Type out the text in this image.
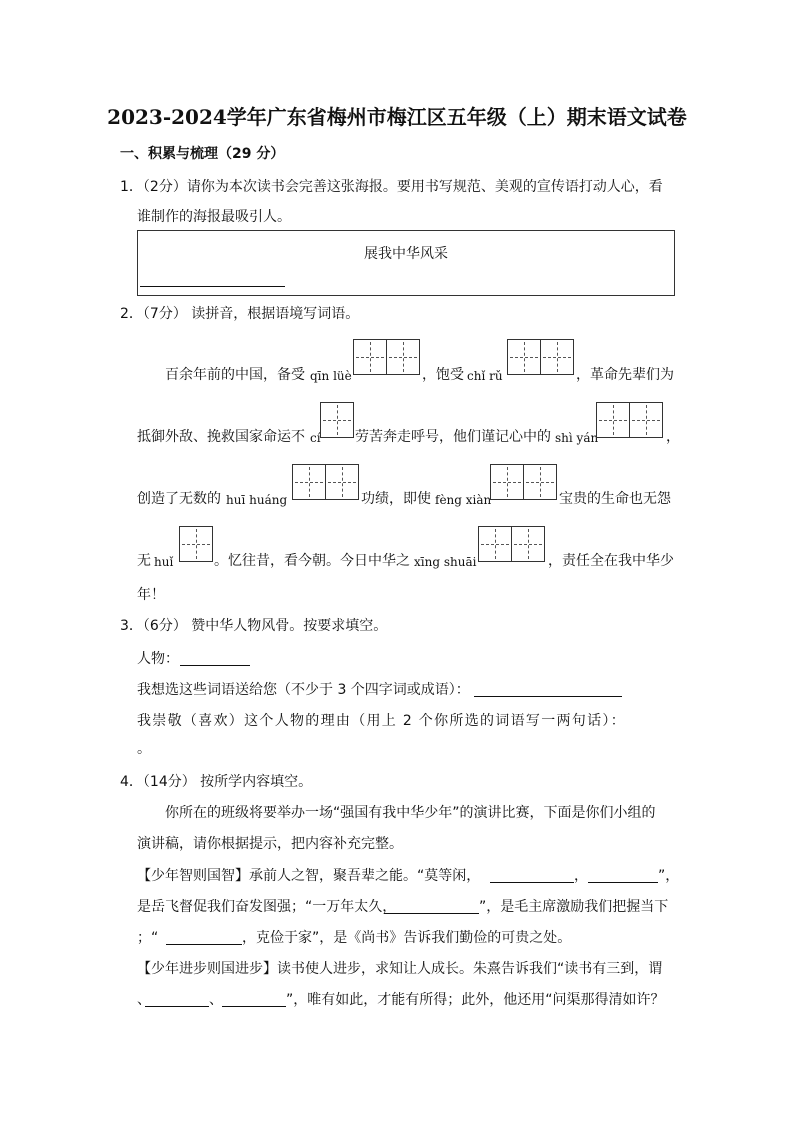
2023-2024学年广东省梅州市梅江区五年级（上）期末语文试卷
一、积累与梳理（29 分）
1．（2分）请你为本次读书会完善这张海报。要用书写规范、美观的宣传语打动人心，看
谁制作的海报最吸引人。
展我中华风采
2．（7分） 读拼音，根据语境写词语。
百余年前的中国，备受 qīn lüè	，饱受 chǐ rǔ	，革命先辈们为
抵御外敌、挽救国家命运不 cí 劳苦奔走呼号，他们谨记心中的 shì yán	，
创造了无数的 huī huáng	功绩，即使 fèng xiàn	宝贵的生命也无怨
无 huǐ	。忆往昔，看今朝。今日中华之 xīng shuāi	，责任全在我中华少
年！
3．（6分） 赞中华人物风骨。按要求填空。
人物：
我想选这些词语送给您（不少于 3 个四字词或成语）：
我崇敬（喜欢）这个人物的理由（用上 2 个你所选的词语写一两句话）：
。
4．（14分） 按所学内容填空。
你所在的班级将要举办一场“强国有我中华少年”的演讲比赛，下面是你们小组的
演讲稿，请你根据提示，把内容补充完整。
【少年智则国智】承前人之智，聚吾辈之能。“莫等闲，	，	”，
是岳飞督促我们奋发图强；“一万年太久，	”，是毛主席激励我们把握当下
；“	，克俭于家”，是《尚书》告诉我们勤俭的可贵之处。
【少年进步则国进步】读书使人进步，求知让人成长。朱熹告诉我们“读书有三到，谓
、	、	”，唯有如此，才能有所得；此外，他还用“问渠那得清如许？
